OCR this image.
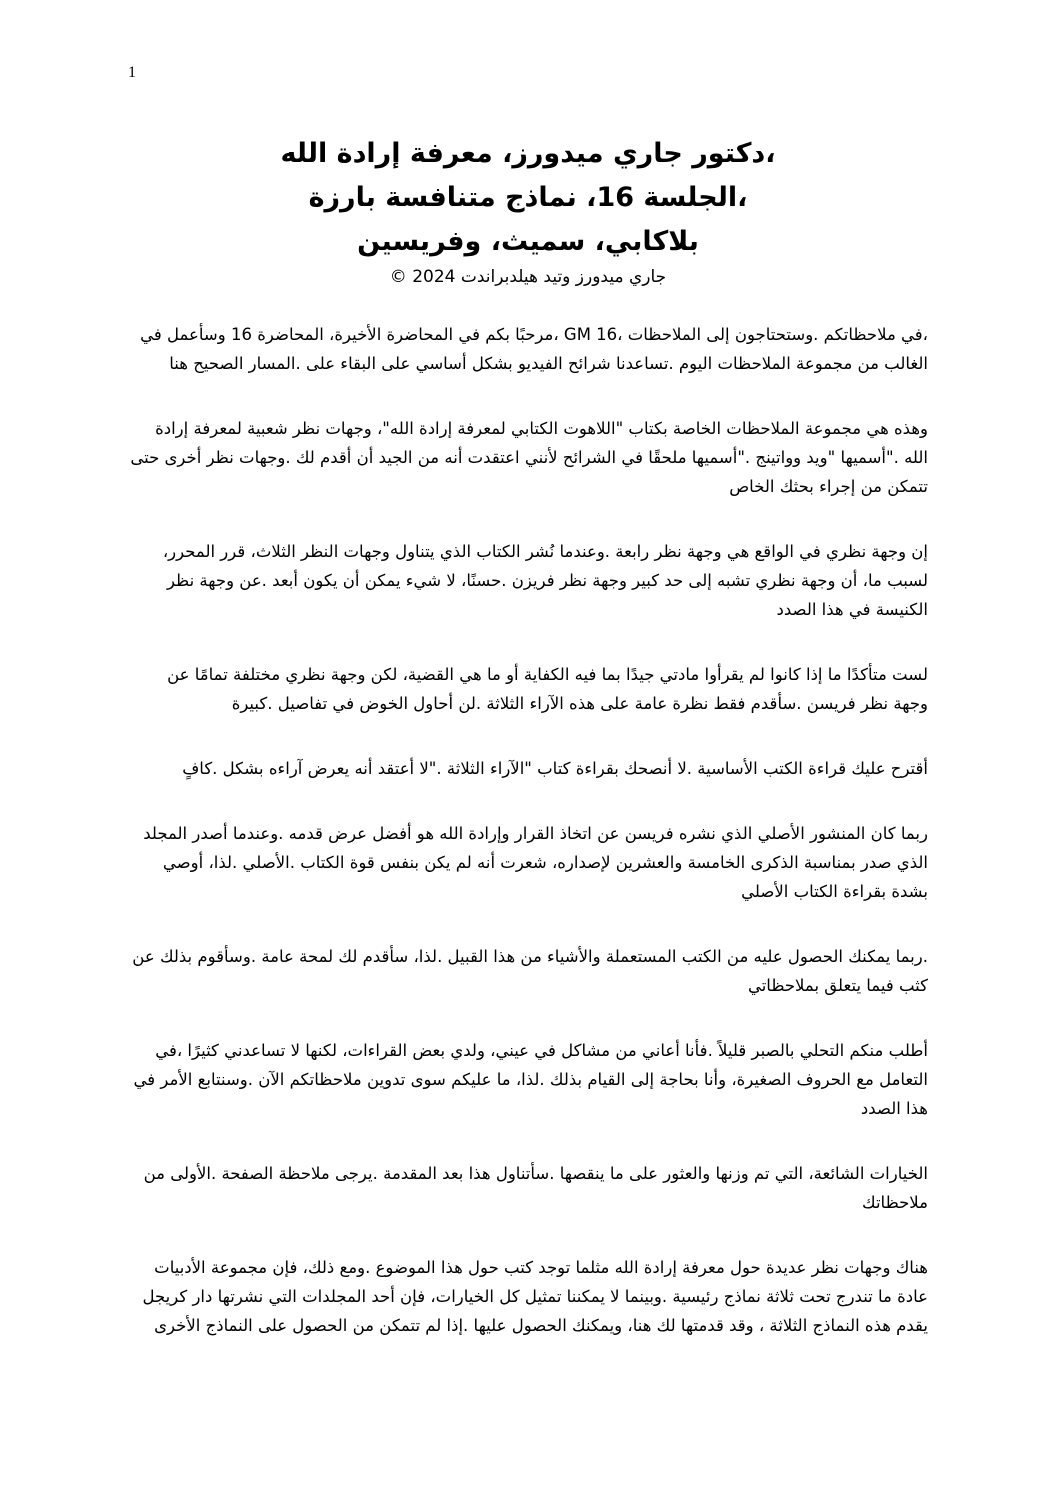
1
،دكتور جاري ميدورز، معرفة إرادة الله
،الجلسة 16، نماذج متنافسة بارزة
بلاكابي، سميث، وفريسين
جاري ميدورز وتيد هيلدبراندت 2024 ©

،في ملاحظاتكم .وستحتاجون إلى الملاحظات ،GM 16 ،مرحبًا بكم في المحاضرة الأخيرة، المحاضرة 16 وسأعمل في الغالب من مجموعة الملاحظات اليوم .تساعدنا شرائح الفيديو بشكل أساسي على البقاء على .المسار الصحيح هنا

وهذه هي مجموعة الملاحظات الخاصة بكتاب "اللاهوت الكتابي لمعرفة إرادة الله"، وجهات نظر شعبية لمعرفة إرادة الله ."أسميها "ويد وواتينج ."أسميها ملحقًا في الشرائح لأنني اعتقدت أنه من الجيد أن أقدم لك .وجهات نظر أخرى حتى تتمكن من إجراء بحثك الخاص

إن وجهة نظري في الواقع هي وجهة نظر رابعة .وعندما نُشر الكتاب الذي يتناول وجهات النظر الثلاث، قرر المحرر، لسبب ما، أن وجهة نظري تشبه إلى حد كبير وجهة نظر فريزن .حسنًا، لا شيء يمكن أن يكون أبعد .عن وجهة نظر الكنيسة في هذا الصدد

لست متأكدًا ما إذا كانوا لم يقرأوا مادتي جيدًا بما فيه الكفاية أو ما هي القضية، لكن وجهة نظري مختلفة تمامًا عن وجهة نظر فريسن .سأقدم فقط نظرة عامة على هذه الآراء الثلاثة .لن أحاول الخوض في تفاصيل .كبيرة

أقترح عليك قراءة الكتب الأساسية .لا أنصحك بقراءة كتاب "الآراء الثلاثة ."لا أعتقد أنه يعرض آراءه بشكل .كافٍ

ربما كان المنشور الأصلي الذي نشره فريسن عن اتخاذ القرار وإرادة الله هو أفضل عرض قدمه .وعندما أصدر المجلد الذي صدر بمناسبة الذكرى الخامسة والعشرين لإصداره، شعرت أنه لم يكن بنفس قوة الكتاب .الأصلي .لذا، أوصي بشدة بقراءة الكتاب الأصلي

.ربما يمكنك الحصول عليه من الكتب المستعملة والأشياء من هذا القبيل .لذا، سأقدم لك لمحة عامة .وسأقوم بذلك عن كثب فيما يتعلق بملاحظاتي

أطلب منكم التحلي بالصبر قليلاً .فأنا أعاني من مشاكل في عيني، ولدي بعض القراءات، لكنها لا تساعدني كثيرًا ،في التعامل مع الحروف الصغيرة، وأنا بحاجة إلى القيام بذلك .لذا، ما عليكم سوى تدوين ملاحظاتكم الآن .وسنتابع الأمر في هذا الصدد

الخيارات الشائعة، التي تم وزنها والعثور على ما ينقصها .سأتناول هذا بعد المقدمة .يرجى ملاحظة الصفحة .الأولى من ملاحظاتك

هناك وجهات نظر عديدة حول معرفة إرادة الله مثلما توجد كتب حول هذا الموضوع .ومع ذلك، فإن مجموعة الأدبيات عادة ما تندرج تحت ثلاثة نماذج رئيسية .وبينما لا يمكننا تمثيل كل الخيارات، فإن أحد المجلدات التي نشرتها دار كريجل يقدم هذه النماذج الثلاثة ، وقد قدمتها لك هنا، ويمكنك الحصول عليها .إذا لم تتمكن من الحصول على النماذج الأخرى
